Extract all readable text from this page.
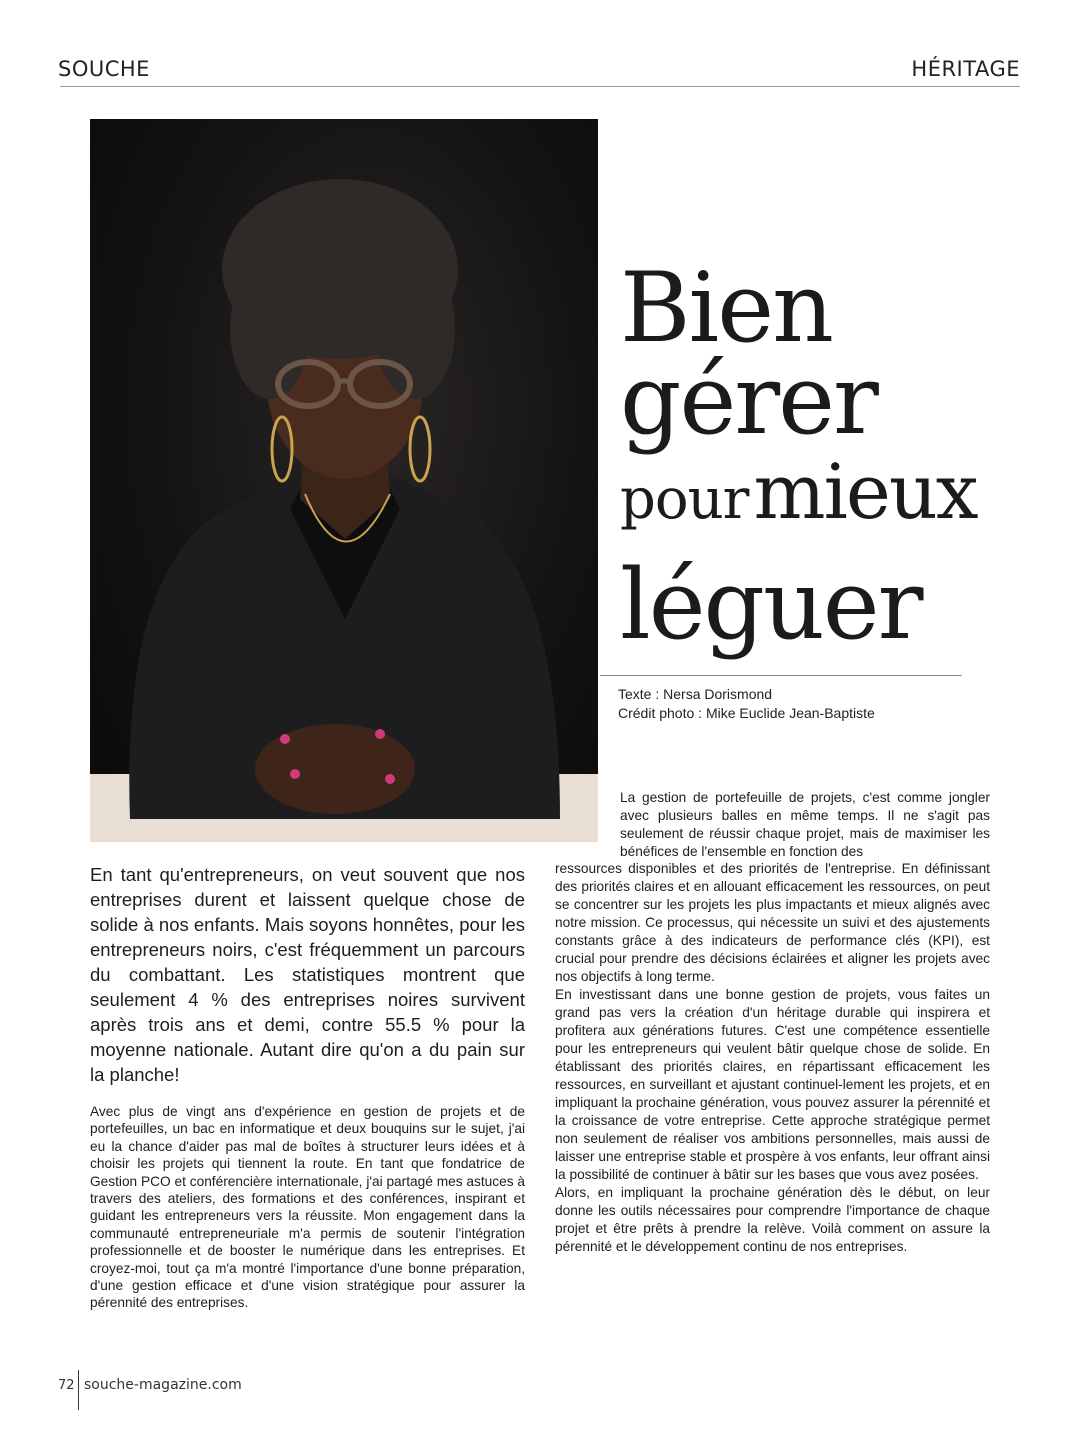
SOUCHE	HÉRITAGE
Bien
gérer
pour mieux
léguer
Texte : Nersa Dorismond
Crédit photo : Mike Euclide Jean-Baptiste

En tant qu'entrepreneurs, on veut souvent que nos entreprises durent et laissent quelque chose de solide à nos enfants. Mais soyons honnêtes, pour les entrepreneurs noirs, c'est fréquemment un parcours du combattant. Les statistiques montrent que seulement 4 % des entreprises noires survivent après trois ans et demi, contre 55.5 % pour la moyenne nationale. Autant dire qu'on a du pain sur la planche!

Avec plus de vingt ans d'expérience en gestion de projets et de portefeuilles, un bac en informatique et deux bouquins sur le sujet, j'ai eu la chance d'aider pas mal de boîtes à structurer leurs idées et à choisir les projets qui tiennent la route. En tant que fondatrice de Gestion PCO et conférencière internationale, j'ai partagé mes astuces à travers des ateliers, des formations et des conférences, inspirant et guidant les entrepreneurs vers la réussite. Mon engagement dans la communauté entrepreneuriale m'a permis de soutenir l'intégration professionnelle et de booster le numérique dans les entreprises. Et croyez-moi, tout ça m'a montré l'importance d'une bonne préparation, d'une gestion efficace et d'une vision stratégique pour assurer la pérennité des entreprises.

La gestion de portefeuille de projets, c'est comme jongler avec plusieurs balles en même temps. Il ne s'agit pas seulement de réussir chaque projet, mais de maximiser les bénéfices de l'ensemble en fonction des

ressources disponibles et des priorités de l'entreprise. En définissant des priorités claires et en allouant efficacement les ressources, on peut se concentrer sur les projets les plus impactants et mieux alignés avec notre mission. Ce processus, qui nécessite un suivi et des ajustements constants grâce à des indicateurs de performance clés (KPI), est crucial pour prendre des décisions éclairées et aligner les projets avec nos objectifs à long terme.

En investissant dans une bonne gestion de projets, vous faites un grand pas vers la création d'un héritage durable qui inspirera et profitera aux générations futures. C'est une compétence essentielle pour les entrepreneurs qui veulent bâtir quelque chose de solide. En établissant des priorités claires, en répartissant efficacement les ressources, en surveillant et ajustant continuel-lement les projets, et en impliquant la prochaine génération, vous pouvez assurer la pérennité et la croissance de votre entreprise. Cette approche stratégique permet non seulement de réaliser vos ambitions personnelles, mais aussi de laisser une entreprise stable et prospère à vos enfants, leur offrant ainsi la possibilité de continuer à bâtir sur les bases que vous avez posées.

Alors, en impliquant la prochaine génération dès le début, on leur donne les outils nécessaires pour comprendre l'importance de chaque projet et être prêts à prendre la relève. Voilà comment on assure la pérennité et le développement continu de nos entreprises.

72 souche-magazine.com
